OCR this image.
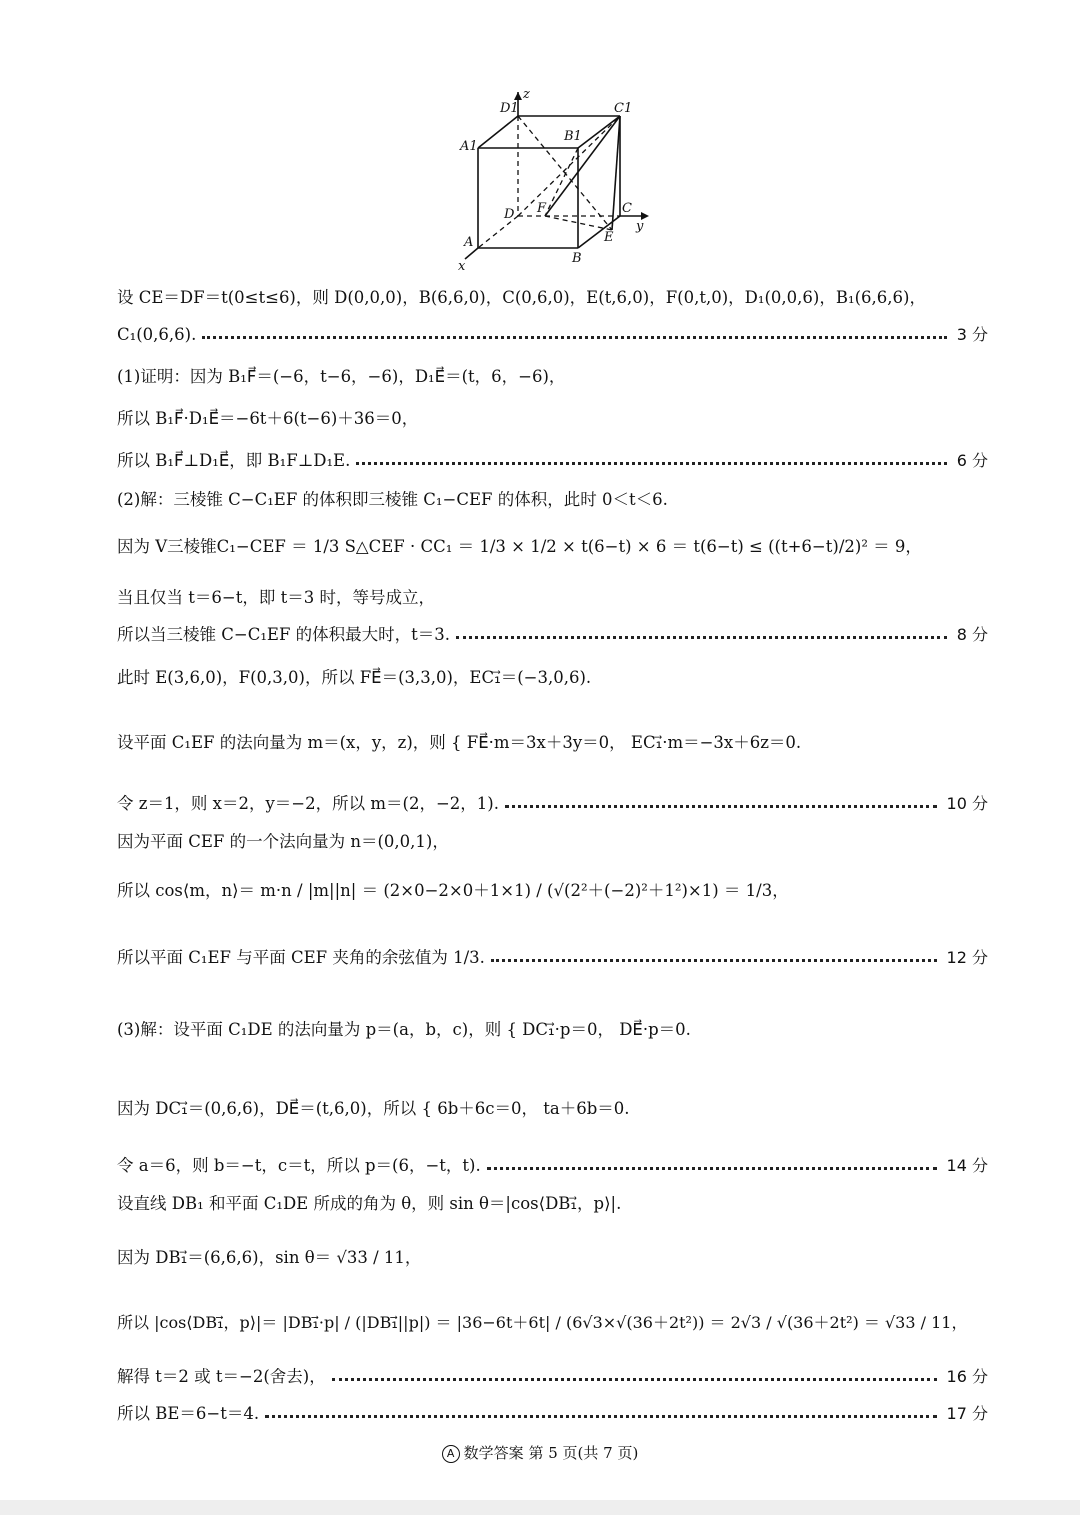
D1
z
C1
A1
B1
D F	C
y
E
A
B
x
设 CE＝DF＝t(0≤t≤6)，则 D(0,0,0)，B(6,6,0)，C(0,6,0)，E(t,6,0)，F(0,t,0)，D₁(0,0,6)，B₁(6,6,6)，
C₁(0,6,6).	3 分
(1)证明：因为 B₁F⃗＝(−6，t−6，−6)，D₁E⃗＝(t，6，−6)，
所以 B₁F⃗·D₁E⃗＝−6t＋6(t−6)＋36＝0，
所以 B₁F⃗⊥D₁E⃗，即 B₁F⊥D₁E.	6 分
(2)解：三棱锥 C−C₁EF 的体积即三棱锥 C₁−CEF 的体积，此时 0＜t＜6.
因为 V三棱锥C₁−CEF ＝ 1/3 S△CEF · CC₁ ＝ 1/3 × 1/2 × t(6−t) × 6 ＝ t(6−t) ≤ ((t+6−t)/2)² ＝ 9，
当且仅当 t＝6−t，即 t＝3 时，等号成立，
所以当三棱锥 C−C₁EF 的体积最大时，t＝3.	8 分
此时 E(3,6,0)，F(0,3,0)，所以 FE⃗＝(3,3,0)，EC₁⃗＝(−3,0,6).
设平面 C₁EF 的法向量为 m＝(x，y，z)，则 { FE⃗·m＝3x＋3y＝0， EC₁⃗·m＝−3x＋6z＝0.
令 z＝1，则 x＝2，y＝−2，所以 m＝(2，−2，1).	10 分
因为平面 CEF 的一个法向量为 n＝(0,0,1)，
所以 cos⟨m，n⟩＝ m·n / |m||n| ＝ (2×0−2×0＋1×1) / (√(2²＋(−2)²＋1²)×1) ＝ 1/3，
所以平面 C₁EF 与平面 CEF 夹角的余弦值为 1/3.	12 分
(3)解：设平面 C₁DE 的法向量为 p＝(a，b，c)，则 { DC₁⃗·p＝0， DE⃗·p＝0.
因为 DC₁⃗＝(0,6,6)，DE⃗＝(t,6,0)，所以 { 6b＋6c＝0， ta＋6b＝0.
令 a＝6，则 b＝−t，c＝t，所以 p＝(6，−t，t).	14 分
设直线 DB₁ 和平面 C₁DE 所成的角为 θ，则 sin θ＝|cos⟨DB₁⃗，p⟩|.
因为 DB₁⃗＝(6,6,6)，sin θ＝ √33 / 11，
所以 |cos⟨DB₁⃗，p⟩|＝ |DB₁⃗·p| / (|DB₁⃗||p|) ＝ |36−6t＋6t| / (6√3×√(36＋2t²)) ＝ 2√3 / √(36＋2t²) ＝ √33 / 11，
解得 t＝2 或 t＝−2(舍去)，	16 分
所以 BE＝6−t＝4.	17 分
A 数学答案 第 5 页(共 7 页)
